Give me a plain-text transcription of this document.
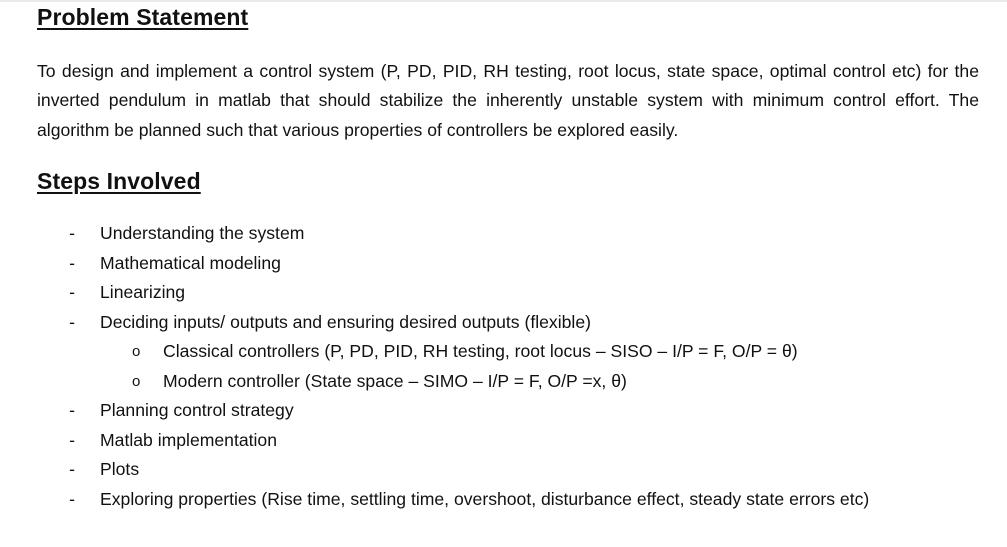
Problem Statement

To design and implement a control system (P, PD, PID, RH testing, root locus, state space, optimal control etc) for the inverted pendulum in matlab that should stabilize the inherently unstable system with minimum control effort. The algorithm be planned such that various properties of controllers be explored easily.

Steps Involved
- Understanding the system
- Mathematical modeling
- Linearizing
- Deciding inputs/ outputs and ensuring desired outputs (flexible)
o Classical controllers (P, PD, PID, RH testing, root locus – SISO – I/P = F, O/P = θ)
o Modern controller (State space – SIMO – I/P = F, O/P =x, θ)
- Planning control strategy
- Matlab implementation
- Plots
- Exploring properties (Rise time, settling time, overshoot, disturbance effect, steady state errors etc)
